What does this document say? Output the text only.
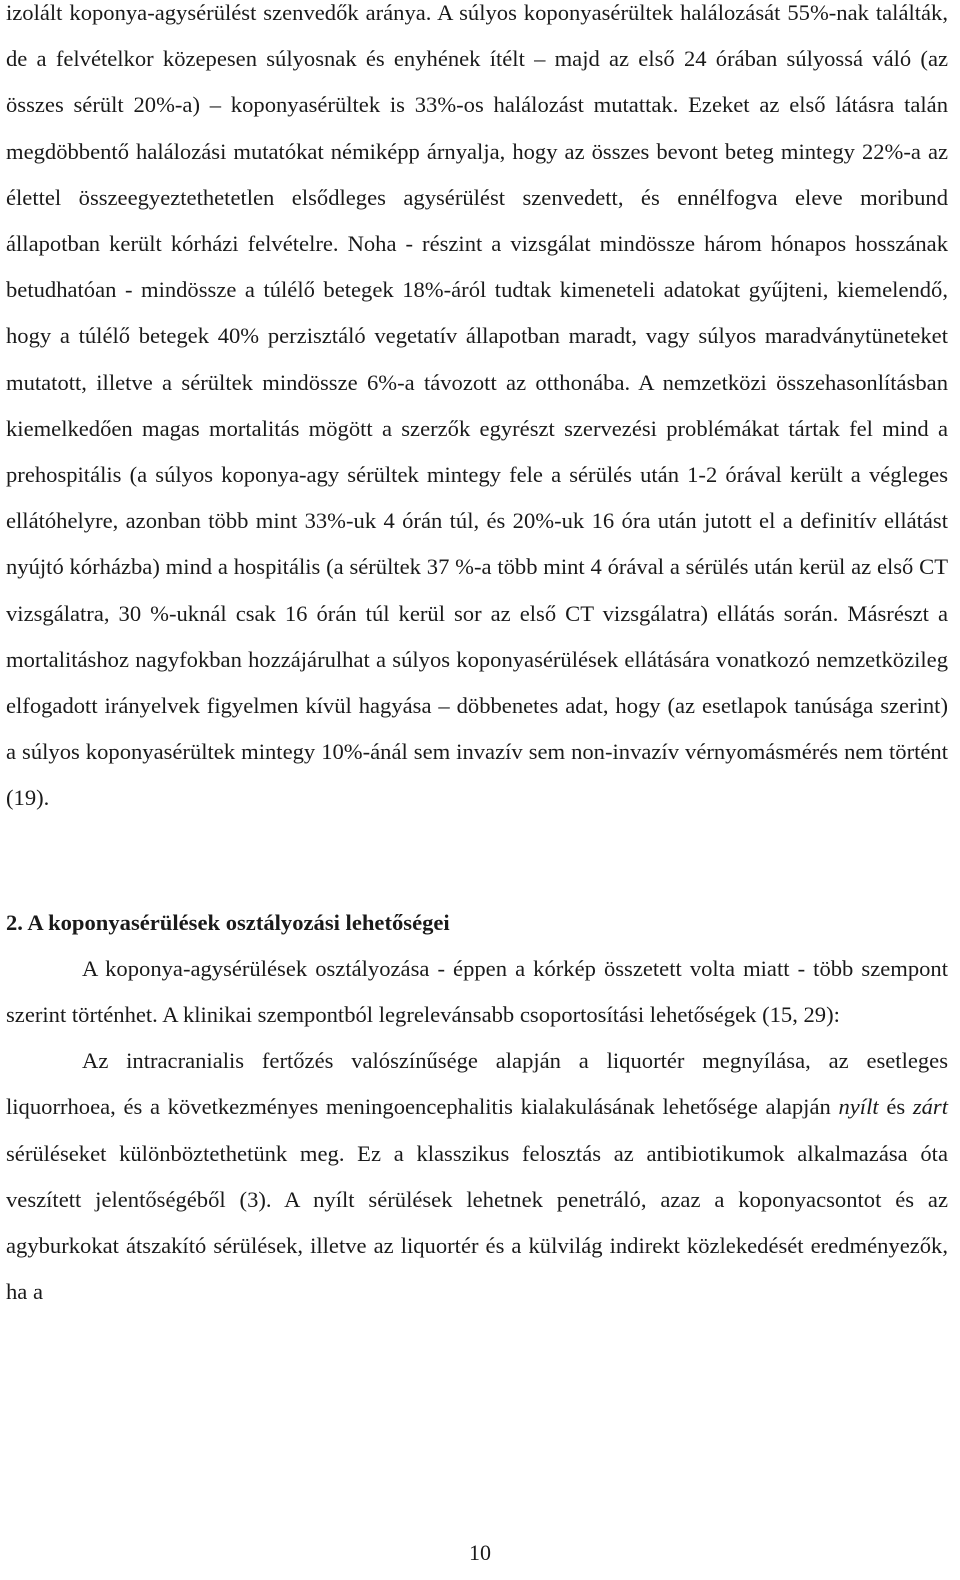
izolált koponya-agysérülést szenvedők aránya. A súlyos koponyasérültek halálozását 55%-nak találták, de a felvételkor közepesen súlyosnak és enyhének ítélt – majd az első 24 órában súlyossá váló (az összes sérült 20%-a) – koponyasérültek is 33%-os halálozást mutattak. Ezeket az első látásra talán megdöbbentő halálozási mutatókat némiképp árnyalja, hogy az összes bevont beteg mintegy 22%-a az élettel összeegyeztethetetlen elsődleges agysérülést szenvedett, és ennélfogva eleve moribund állapotban került kórházi felvételre. Noha - részint a vizsgálat mindössze három hónapos hosszának betudhatóan - mindössze a túlélő betegek 18%-áról tudtak kimeneteli adatokat gyűjteni, kiemelendő, hogy a túlélő betegek 40% perzisztáló vegetatív állapotban maradt, vagy súlyos maradványtüneteket mutatott, illetve a sérültek mindössze 6%-a távozott az otthonába. A nemzetközi összehasonlításban kiemelkedően magas mortalitás mögött a szerzők egyrészt szervezési problémákat tártak fel mind a prehospitális (a súlyos koponya-agy sérültek mintegy fele a sérülés után 1-2 órával került a végleges ellátóhelyre, azonban több mint 33%-uk 4 órán túl, és 20%-uk 16 óra után jutott el a definitív ellátást nyújtó kórházba) mind a hospitális (a sérültek 37 %-a több mint 4 órával a sérülés után kerül az első CT vizsgálatra, 30 %-uknál csak 16 órán túl kerül sor az első CT vizsgálatra) ellátás során. Másrészt a mortalitáshoz nagyfokban hozzájárulhat a súlyos koponyasérülések ellátására vonatkozó nemzetközileg elfogadott irányelvek figyelmen kívül hagyása – döbbenetes adat, hogy (az esetlapok tanúsága szerint) a súlyos koponyasérültek mintegy 10%-ánál sem invazív sem non-invazív vérnyomásmérés nem történt (19).

2. A koponyasérülések osztályozási lehetőségei

A koponya-agysérülések osztályozása - éppen a kórkép összetett volta miatt - több szempont szerint történhet. A klinikai szempontból legrelevánsabb csoportosítási lehetőségek (15, 29):

Az intracranialis fertőzés valószínűsége alapján a liquortér megnyílása, az esetleges liquorrhoea, és a következményes meningoencephalitis kialakulásának lehetősége alapján nyílt és zárt sérüléseket különböztethetünk meg. Ez a klasszikus felosztás az antibiotikumok alkalmazása óta veszített jelentőségéből (3). A nyílt sérülések lehetnek penetráló, azaz a koponyacsontot és az agyburkokat átszakító sérülések, illetve az liquortér és a külvilág indirekt közlekedését eredményezők, ha a

10
